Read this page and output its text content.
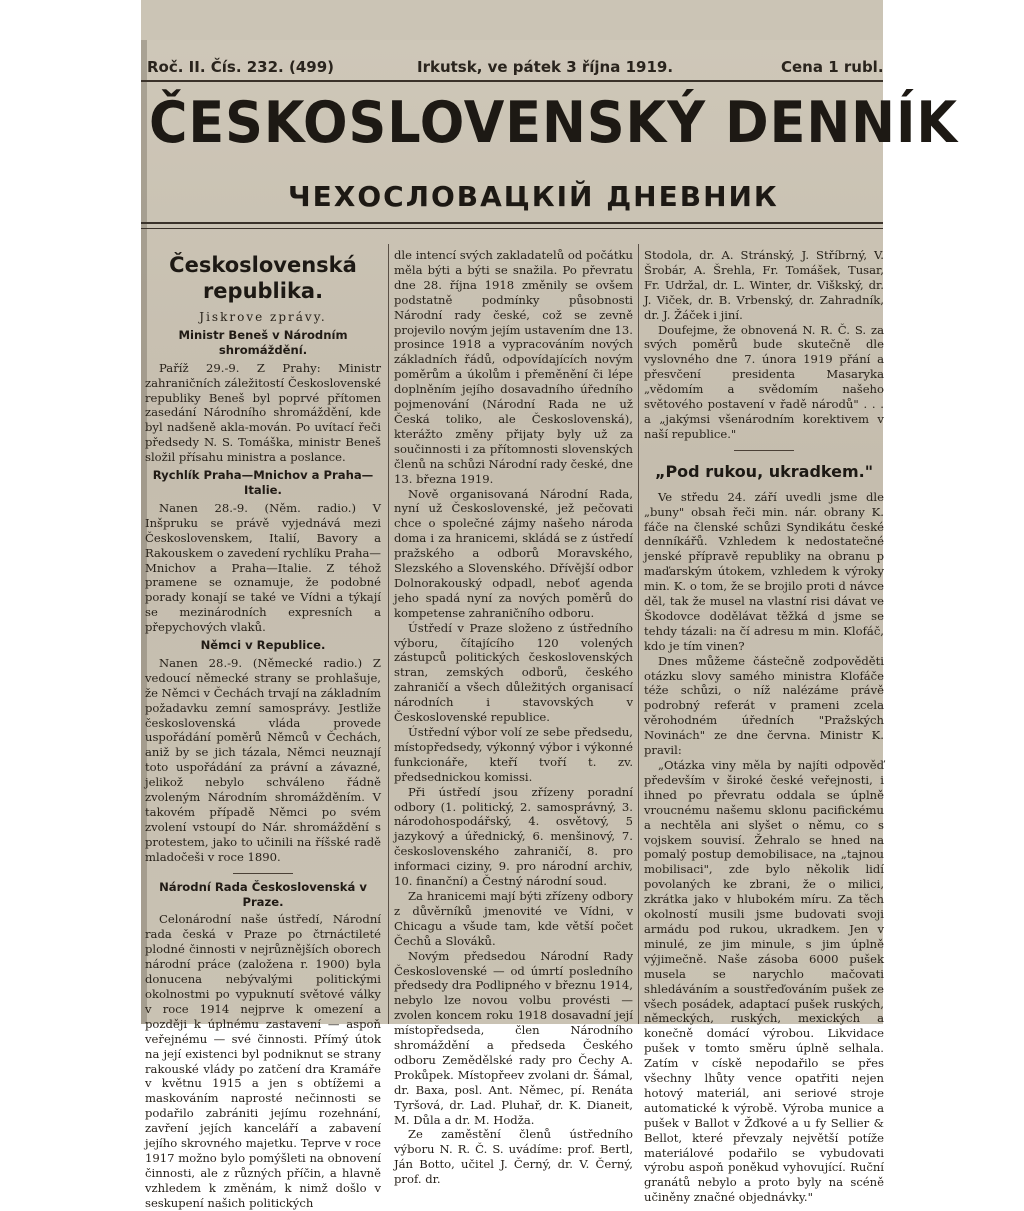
Roč. II. Čís. 232. (499)	Irkutsk, ve pátek 3 října 1919.	Cena 1 rubl.
ČESKOSLOVENSKÝ DENNÍK
ЧЕХОСЛОВАЦКІЙ ДНЕВНИК
Československá republika.
Jiskrove zprávy.
Ministr Beneš v Národním shromáždění.

Paříž 29.-9. Z Prahy: Ministr zahraničních záležitostí Československé republiky Beneš byl poprvé přítomen zasedání Národního shromáždění, kde byl nadšeně akla-mován. Po uvítací řeči předsedy N. S. Tomáška, ministr Beneš složil přísahu ministra a poslance.

Rychlík Praha—Mnichov a Praha—Italie.

Nanen 28.-9. (Něm. radio.) V Inšpruku se právě vyjednává mezi Československem, Italií, Bavory a Rakouskem o zavedení rychlíku Praha—Mnichov a Praha—Italie. Z téhož pramene se oznamuje, že podobné porady konají se také ve Vídni a týkají se mezinárodních expresních a přepychových vlaků.

Němci v Republice.

Nanen 28.-9. (Německé radio.) Z vedoucí německé strany se prohlašuje, že Němci v Čechách trvají na základním požadavku zemní samosprávy. Jestliže československá vláda provede uspořádání poměrů Němců v Čechách, aniž by se jich tázala, Němci neuznají toto uspořádání za právní a závazné, jelikož nebylo schváleno řádně zvoleným Národním shromážděním. V takovém případě Němci po svém zvolení vstoupí do Nár. shromáždění s protestem, jako to učinili na říšské radě mladočeši v roce 1890.

Národní Rada Československá v Praze.

Celonárodní naše ústředí, Národní rada česká v Praze po čtrnáctileté plodné činnosti v nejrůznějších oborech národní práce (založena r. 1900) byla donucena nebývalými politickými okolnostmi po vypuknutí světové války v roce 1914 nejprve k omezení a později k úplnému zastavení — aspoň veřejnému — své činnosti. Přímý útok na její existenci byl podniknut se strany rakouské vlády po zatčení dra Kramáře v květnu 1915 a jen s obtížemi a maskováním naprosté nečinnosti se podařilo zabrániti jejímu rozehnání, zavření jejích kanceláří a zabavení jejího skrovného majetku. Teprve v roce 1917 možno bylo pomýšleti na obnovení činnosti, ale z různých příčin, a hlavně vzhledem k změnám, k nimž došlo v seskupení našich politických

dle intencí svých zakladatelů od počátku měla býti a býti se snažila. Po převratu dne 28. října 1918 změnily se ovšem podstatně podmínky působnosti Národní rady české, což se zevně projevilo novým jejím ustavením dne 13. prosince 1918 a vypracováním nových základních řádů, odpovídajících novým poměrům a úkolům i přeměnění či lépe doplněním jejího dosavadního úředního pojmenování (Národní Rada ne už Česká toliko, ale Československá), kterážto změny přijaty byly už za součinnosti i za přítomnosti slovenských členů na schůzi Národní rady české, dne 13. března 1919.

Nově organisovaná Národní Rada, nyní už Československé, jež pečovati chce o společné zájmy našeho národa doma i za hranicemi, skládá se z ústředí pražského a odborů Moravského, Slezského a Slovenského. Dřívější odbor Dolnorakouský odpadl, neboť agenda jeho spadá nyní za nových poměrů do kompetense zahraničního odboru.

Ústředí v Praze složeno z ústředního výboru, čítajícího 120 volených zástupců politických československých stran, zemských odborů, českého zahraničí a všech důležitých organisací národních i stavovských v Československé republice.

Ústřední výbor volí ze sebe předsedu, místopředsedy, výkonný výbor i výkonné funkcionáře, kteří tvoří t. zv. předsednickou komissi.

Při ústředí jsou zřízeny poradní odbory (1. politický, 2. samosprávný, 3. národohospodářský, 4. osvětový, 5 jazykový a úřednický, 6. menšinový, 7. československého zahraničí, 8. pro informaci ciziny, 9. pro národní archiv, 10. finanční) a Čestný národní soud.

Za hranicemi mají býti zřízeny odbory z důvěrníků jmenovité ve Vídni, v Chicagu a všude tam, kde větší počet Čechů a Slováků.

Novým předsedou Národní Rady Československé — od úmrtí posledního předsedy dra Podlipného v březnu 1914, nebylo lze novou volbu provésti — zvolen koncem roku 1918 dosavadní její místopředseda, člen Národního shromáždění a předseda Českého odboru Zemědělské rady pro Čechy A. Prokůpek. Místopřeev zvolani dr. Šámal, dr. Baxa, posl. Ant. Němec, pí. Renáta Tyršová, dr. Lad. Pluhař, dr. K. Dianeit, M. Důla a dr. M. Hodža.

Ze zaměstění členů ústředního výboru N. R. Č. S. uvádíme: prof. Bertl, Ján Botto, učitel J. Černý, dr. V. Černý, prof. dr.

Stodola, dr. A. Stránský, J. Stříbrný, V. Šrobár, A. Šrehla, Fr. Tomášek, Tusar, Fr. Udržal, dr. L. Winter, dr. Viškský, dr. J. Viček, dr. B. Vrbenský, dr. Zahradník, dr. J. Žáček i jiní.

Doufejme, že obnovená N. R. Č. S. za svých poměrů bude skutečně dle vyslovného dne 7. února 1919 přání a přesvčení presidenta Masaryka „vědomím a svědomím našeho světového postavení v řadě národů" . . . a „jakýmsi všenárodním korektivem v naší republice."

„Pod rukou, ukradkem."

Ve středu 24. září uvedli jsme dle „buny" obsah řeči min. nár. obrany K. fáče na členské schůzi Syndikátu české denníkářů. Vzhledem k nedostatečné jenské přípravě republiky na obranu p maďarským útokem, vzhledem k výroky min. K. o tom, že se brojilo proti d návce děl, tak že musel na vlastní risi dávat ve Škodovce dodělávat těžká d jsme se tehdy tázali: na čí adresu m min. Klofáč, kdo je tím vinen?

Dnes můžeme částečně zodpověděti otázku slovy samého ministra Klofáče téže schůzi, o níž nalézáme právě podrobný referát v prameni zcela věrohodném úředních "Pražských Novinách" ze dne června. Ministr K. pravil:

„Otázka viny měla by najíti odpověď především v široké české veřejnosti, i ihned po převratu oddala se úplně vroucnému našemu sklonu pacifickému a nechtěla ani slyšet o němu, co s vojskem souvisí. Žehralo se hned na pomalý postup demobilisace, na „tajnou mobilisaci", zde bylo několik lidí povolaných ke zbrani, že o milici, zkrátka jako v hlubokém míru. Za těch okolností musili jsme budovati svoji armádu pod rukou, ukradkem. Jen v minulé, ze jim minule, s jim úplně výjimečně. Naše zásoba 6000 pušek musela se narychlo mačovati shledáváním a soustřeďováním pušek ze všech posádek, adaptací pušek ruských, německých, ruských, mexických a konečně domácí výrobou. Likvidace pušek v tomto směru úplně selhala. Zatím v cískě nepodařilo se přes všechny lhůty vence opatřiti nejen hotový materiál, ani seriové stroje automatické k výrobě. Výroba munice a pušek v Ballot v Žďkové a u fy Sellier & Bellot, které převzaly největší potíže materiálové podařilo se vybudovati výrobu aspoň poněkud vyhovující. Ruční granátů nebylo a proto byly na scéně učiněny značné objednávky."
